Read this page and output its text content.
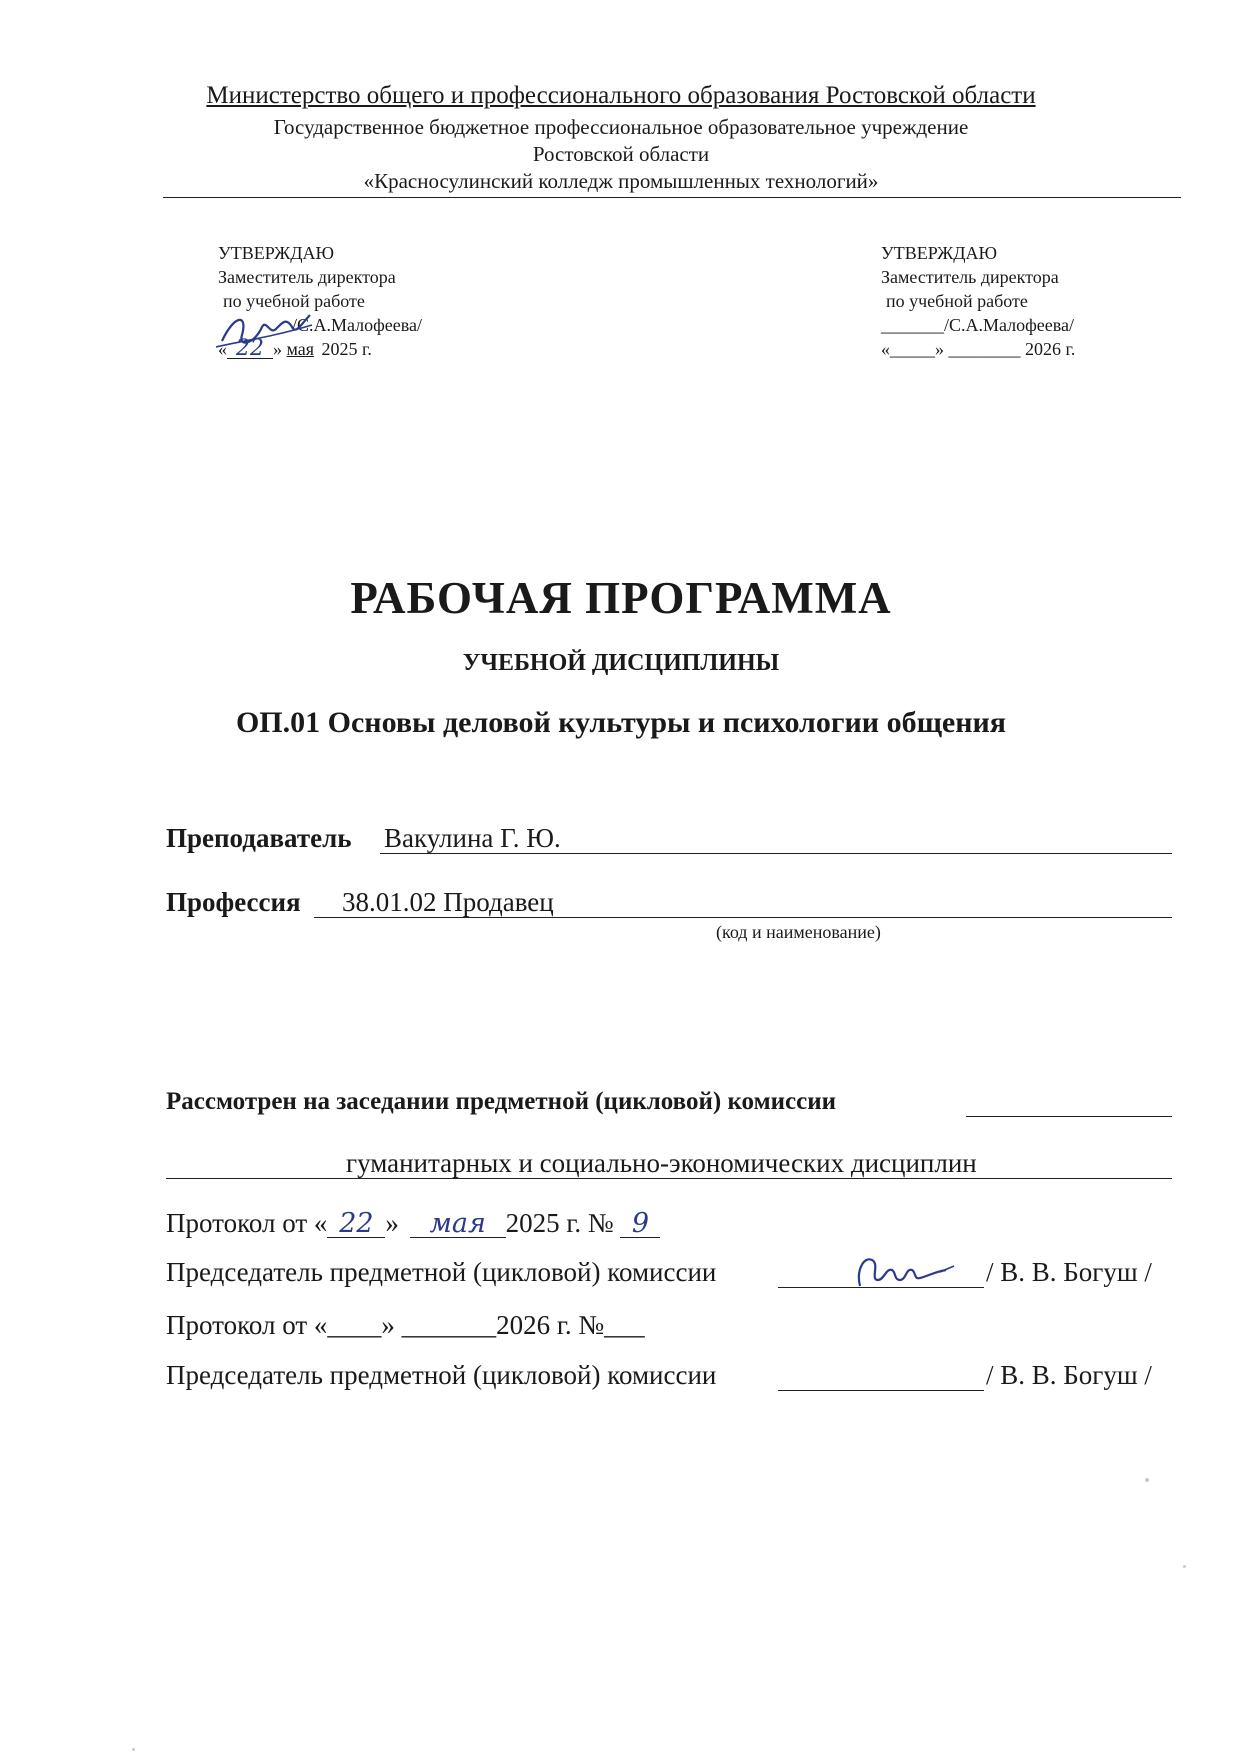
Министерство общего и профессионального образования Ростовской области
Государственное бюджетное профессиональное образовательное учреждение
Ростовской области
«Красносулинский колледж промышленных технологий»
УТВЕРЖДАЮ
Заместитель директора
по учебной работе
/С.А.Малофеева/
« 22 » мая 2025 г.
УТВЕРЖДАЮ
Заместитель директора
по учебной работе
_______/С.А.Малофеева/
«_____» ________ 2026 г.
РАБОЧАЯ ПРОГРАММА
УЧЕБНОЙ ДИСЦИПЛИНЫ
ОП.01 Основы деловой культуры и психологии общения
Преподаватель Вакулина Г. Ю.
Профессия 38.01.02 Продавец
(код и наименование)
Рассмотрен на заседании предметной (цикловой) комиссии
гуманитарных и социально-экономических дисциплин
Протокол от « 22 » мая 2025 г. № 9
Председатель предметной (цикловой) комиссии	/ В. В. Богуш /
Протокол от «____» _______2026 г. №___
Председатель предметной (цикловой) комиссии	/ В. В. Богуш /
